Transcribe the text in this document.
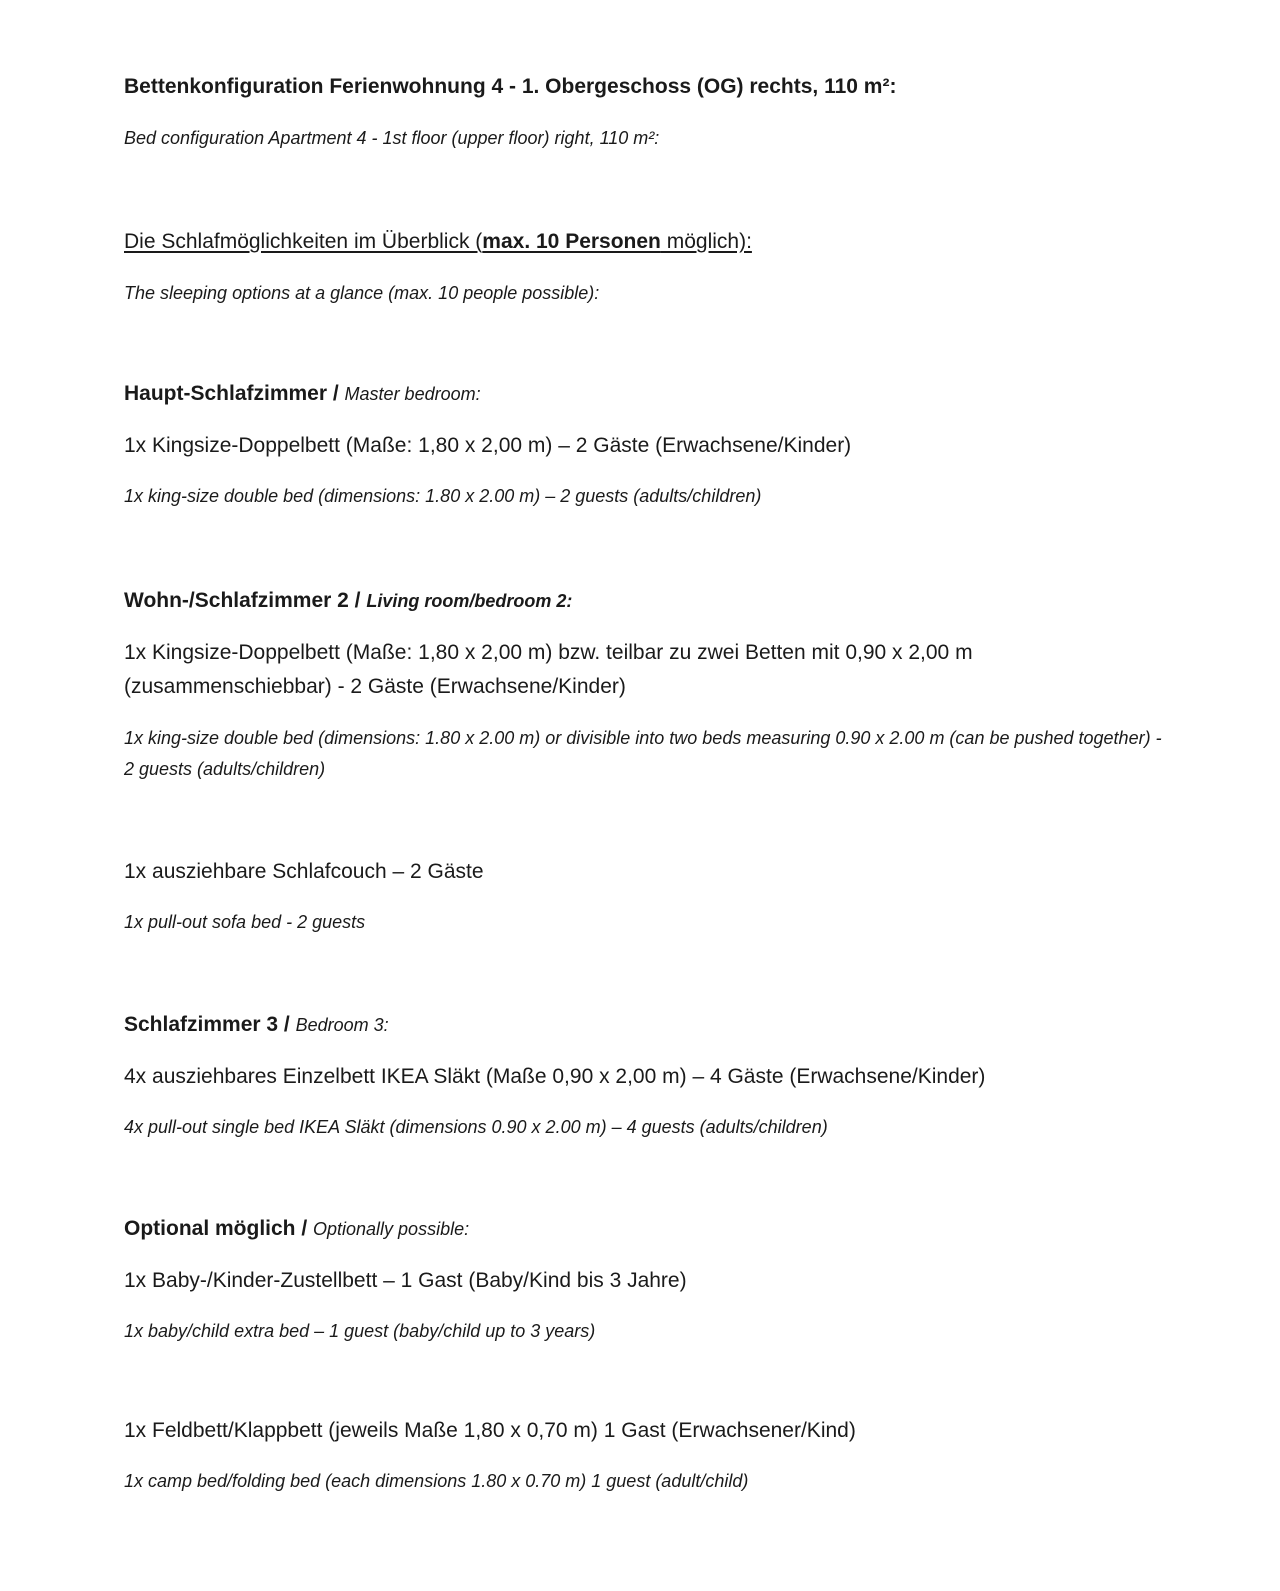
Bettenkonfiguration Ferienwohnung 4 - 1. Obergeschoss (OG) rechts, 110 m²:
Bed configuration Apartment 4 - 1st floor (upper floor) right, 110 m²:
Die Schlafmöglichkeiten im Überblick (max. 10 Personen möglich):
The sleeping options at a glance (max. 10 people possible):
Haupt-Schlafzimmer / Master bedroom:
1x Kingsize-Doppelbett (Maße: 1,80 x 2,00 m) – 2 Gäste (Erwachsene/Kinder)
1x king-size double bed (dimensions: 1.80 x 2.00 m) – 2 guests (adults/children)
Wohn-/Schlafzimmer 2 / Living room/bedroom 2:
1x Kingsize-Doppelbett (Maße: 1,80 x 2,00 m) bzw. teilbar zu zwei Betten mit 0,90 x 2,00 m (zusammenschiebbar) - 2 Gäste (Erwachsene/Kinder)
1x king-size double bed (dimensions: 1.80 x 2.00 m) or divisible into two beds measuring 0.90 x 2.00 m (can be pushed together) - 2 guests (adults/children)
1x ausziehbare Schlafcouch – 2 Gäste
1x pull-out sofa bed - 2 guests
Schlafzimmer 3 / Bedroom 3:
4x ausziehbares Einzelbett IKEA Släkt (Maße 0,90 x 2,00 m) – 4 Gäste (Erwachsene/Kinder)
4x pull-out single bed IKEA Släkt (dimensions 0.90 x 2.00 m) – 4 guests (adults/children)
Optional möglich / Optionally possible:
1x Baby-/Kinder-Zustellbett – 1 Gast (Baby/Kind bis 3 Jahre)
1x baby/child extra bed – 1 guest (baby/child up to 3 years)
1x Feldbett/Klappbett (jeweils Maße 1,80 x 0,70 m) 1 Gast (Erwachsener/Kind)
1x camp bed/folding bed (each dimensions 1.80 x 0.70 m) 1 guest (adult/child)
